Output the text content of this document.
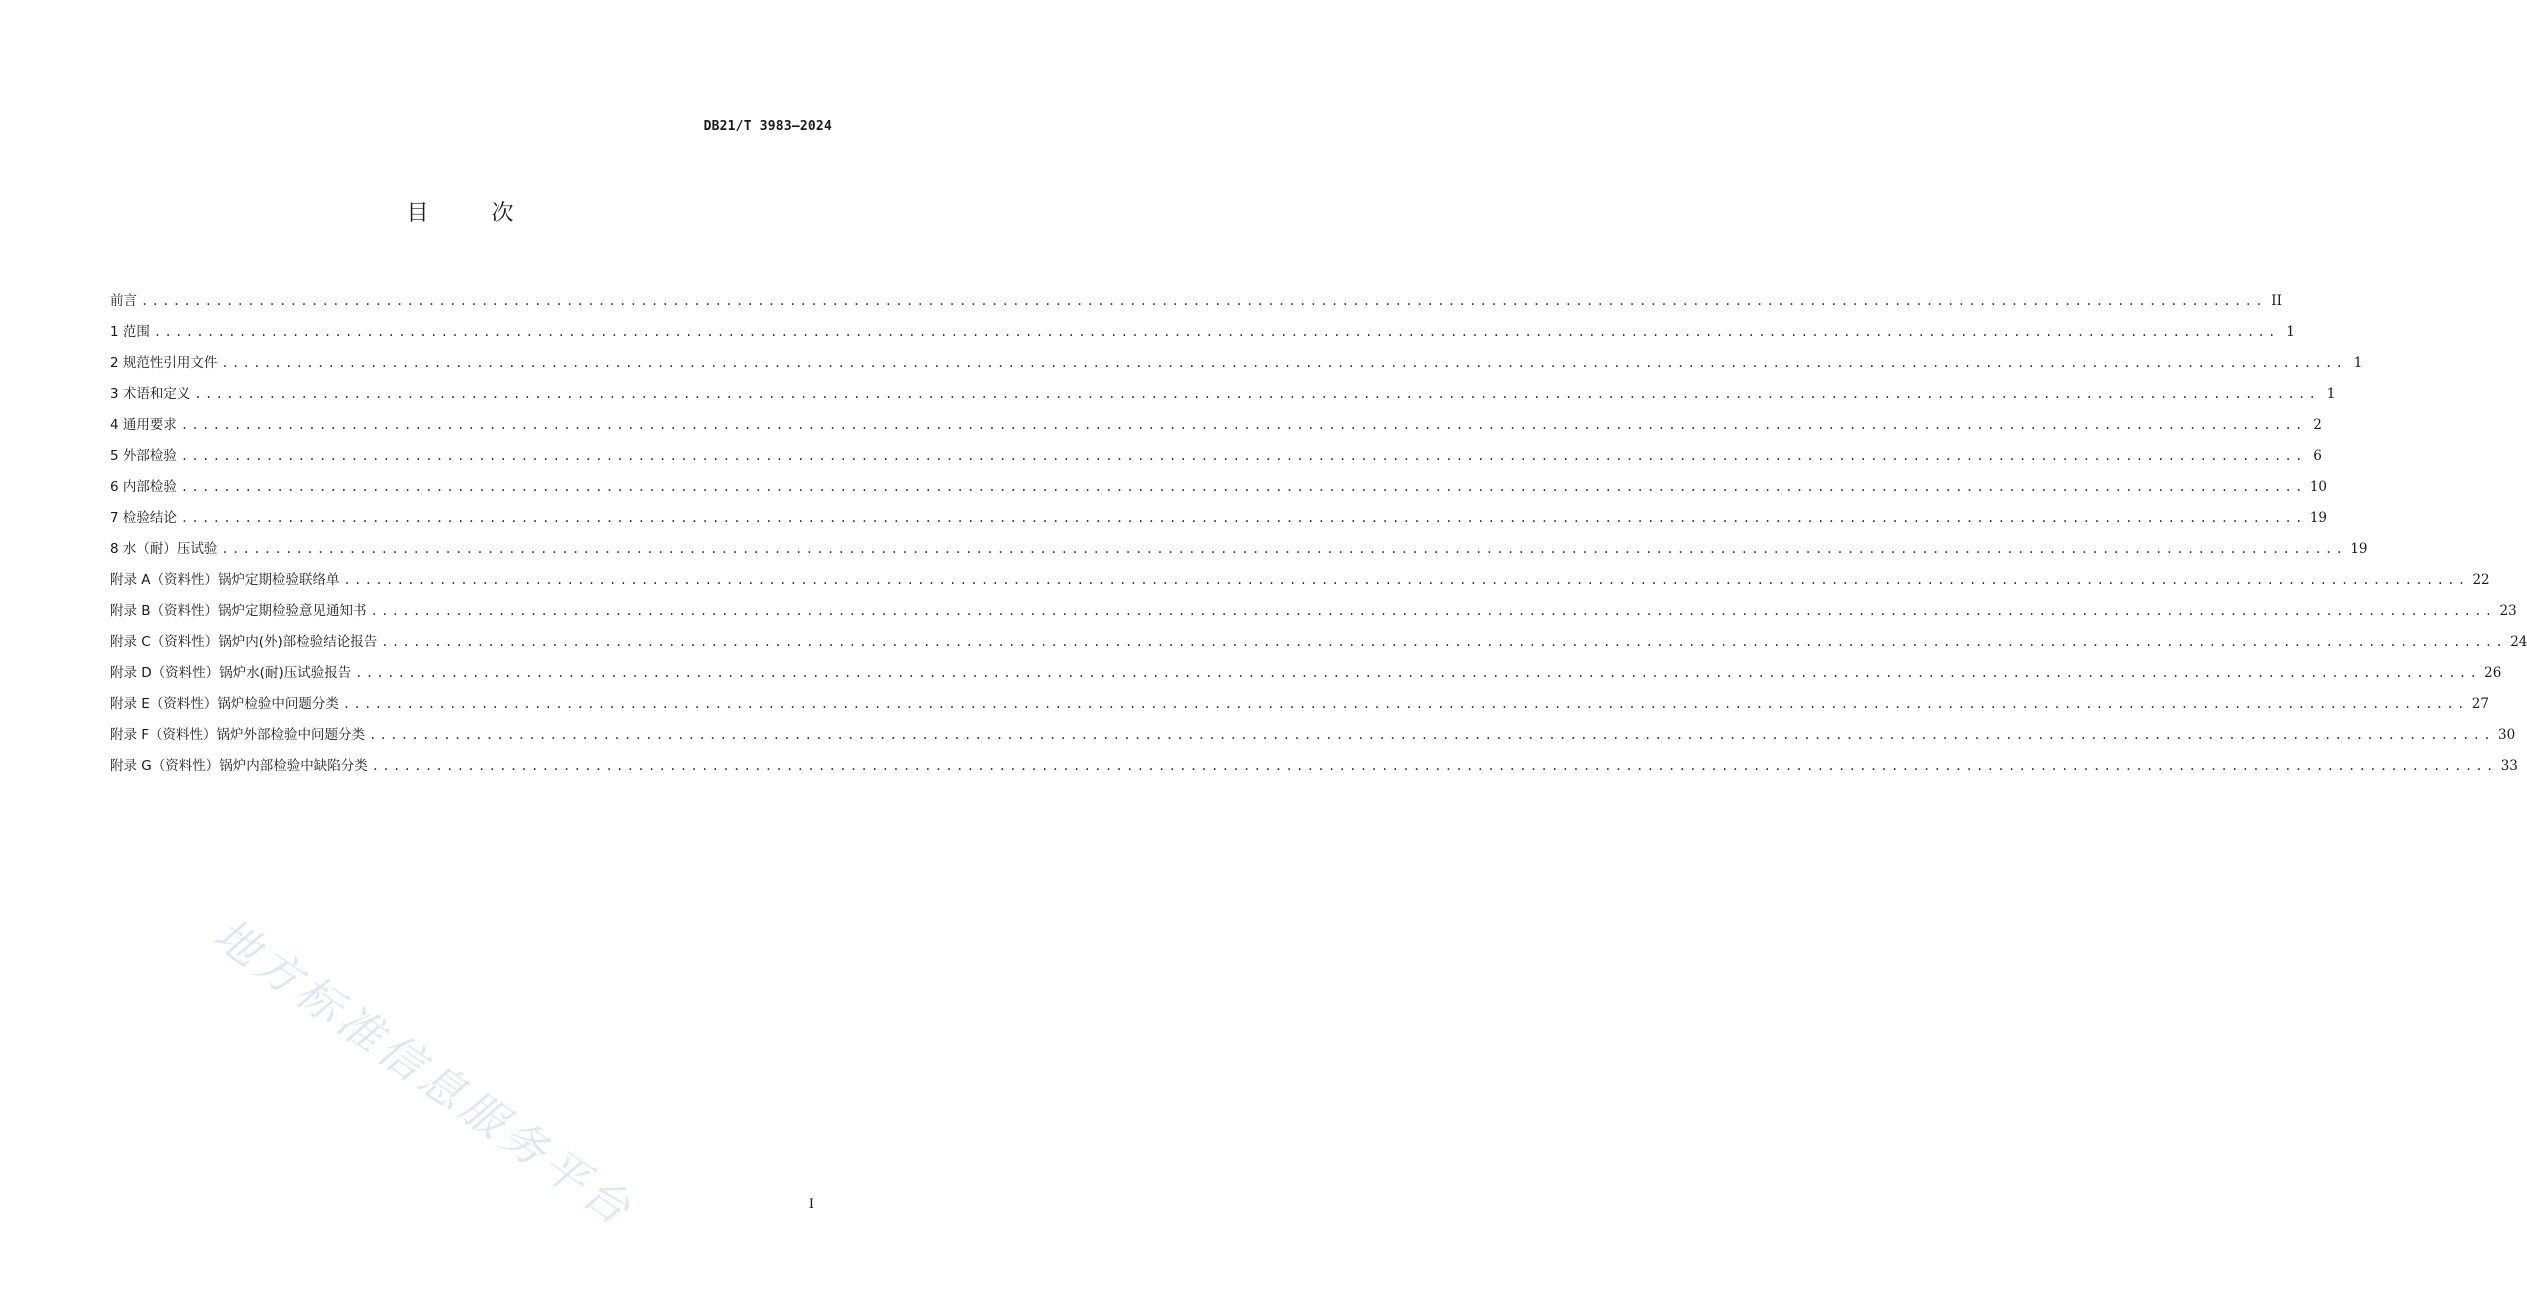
DB21/T 3983—2024
目 次
前言 ........................................................................................................................................................................................................ II
1 范围 ........................................................................................................................................................................................................ 1
2 规范性引用文件 ........................................................................................................................................................................................................ 1
3 术语和定义 ........................................................................................................................................................................................................ 1
4 通用要求 ........................................................................................................................................................................................................ 2
5 外部检验 ........................................................................................................................................................................................................ 6
6 内部检验 ........................................................................................................................................................................................................ 10
7 检验结论 ........................................................................................................................................................................................................ 19
8 水（耐）压试验 ........................................................................................................................................................................................................ 19
附录 A（资料性）锅炉定期检验联络单 ........................................................................................................................................................................................................ 22
附录 B（资料性）锅炉定期检验意见通知书 ........................................................................................................................................................................................................ 23
附录 C（资料性）锅炉内(外)部检验结论报告 ........................................................................................................................................................................................................ 24
附录 D（资料性）锅炉水(耐)压试验报告 ........................................................................................................................................................................................................ 26
附录 E（资料性）锅炉检验中问题分类 ........................................................................................................................................................................................................ 27
附录 F（资料性）锅炉外部检验中问题分类 ........................................................................................................................................................................................................ 30
附录 G（资料性）锅炉内部检验中缺陷分类 ........................................................................................................................................................................................................ 33
地方标准信息服务平台	I
